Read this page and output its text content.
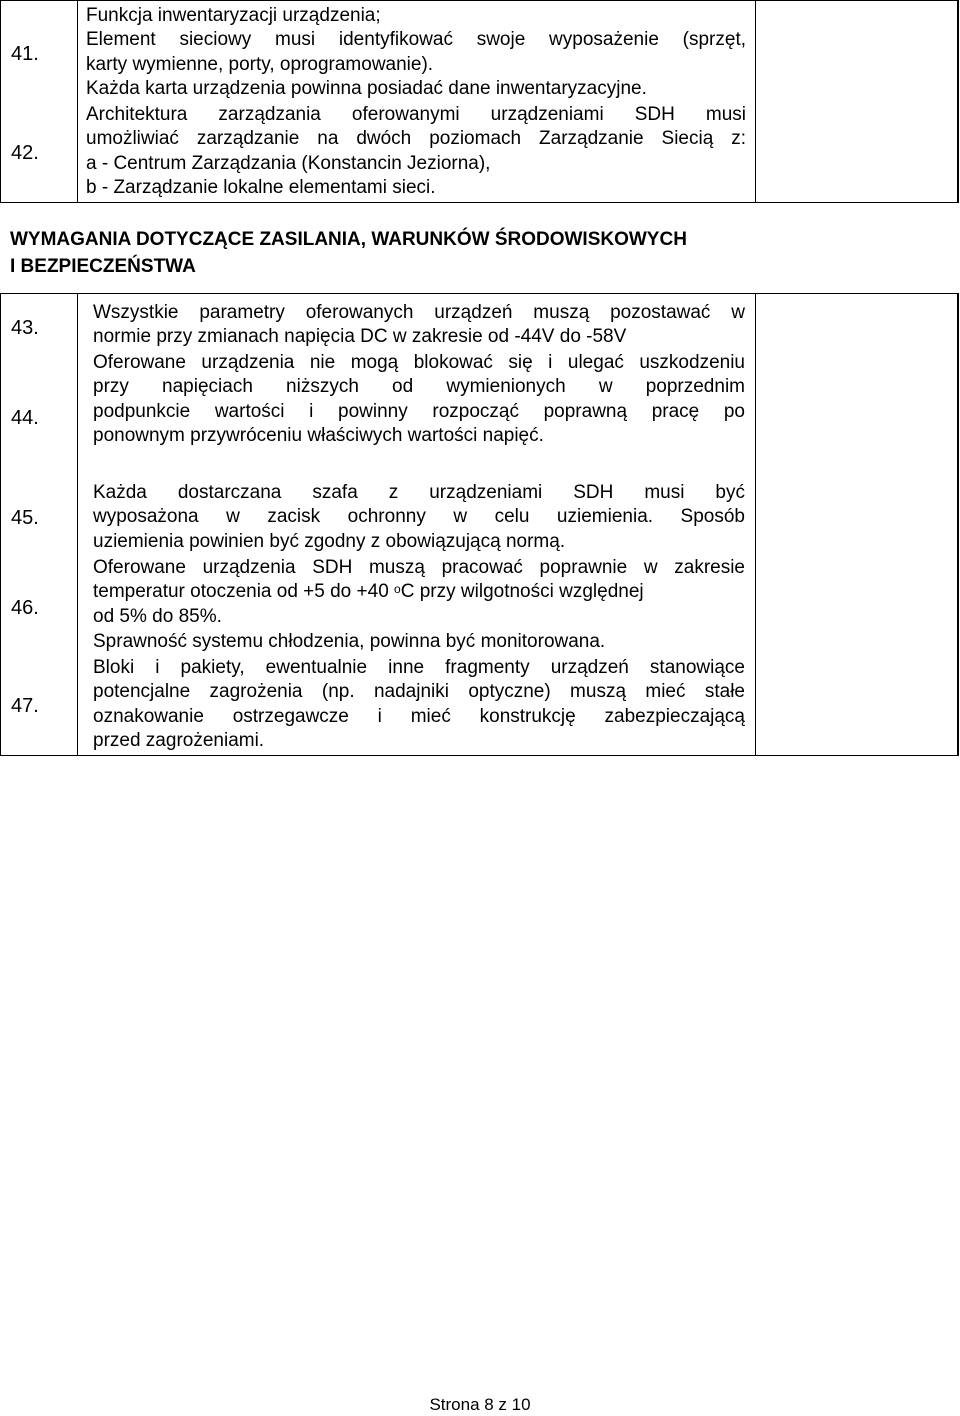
41.
42.
Funkcja inwentaryzacji urządzenia;
Element sieciowy musi identyfikować swoje wyposażenie (sprzęt,
karty wymienne, porty, oprogramowanie).
Każda karta urządzenia powinna posiadać dane inwentaryzacyjne.
Architektura zarządzania oferowanymi urządzeniami SDH musi
umożliwiać zarządzanie na dwóch poziomach Zarządzanie Siecią z:
a - Centrum Zarządzania (Konstancin Jeziorna),
b - Zarządzanie lokalne elementami sieci.
WYMAGANIA DOTYCZĄCE ZASILANIA, WARUNKÓW ŚRODOWISKOWYCH
I BEZPIECZEŃSTWA
43.
44.
45.
46.
47.
Wszystkie parametry oferowanych urządzeń muszą pozostawać w
normie przy zmianach napięcia DC w zakresie od -44V do -58V
Oferowane urządzenia nie mogą blokować się i ulegać uszkodzeniu
przy napięciach niższych od wymienionych w poprzednim
podpunkcie wartości i powinny rozpocząć poprawną pracę po
ponownym przywróceniu właściwych wartości napięć.
Każda dostarczana szafa z urządzeniami SDH musi być
wyposażona w zacisk ochronny w celu uziemienia. Sposób
uziemienia powinien być zgodny z obowiązującą normą.
Oferowane urządzenia SDH muszą pracować poprawnie w zakresie
temperatur otoczenia od +5 do +40 $^o$C przy wilgotności względnej
od 5% do 85%.
Sprawność systemu chłodzenia, powinna być monitorowana.
Bloki i pakiety, ewentualnie inne fragmenty urządzeń stanowiące
potencjalne zagrożenia (np. nadajniki optyczne) muszą mieć stałe
oznakowanie ostrzegawcze i mieć konstrukcję zabezpieczającą
przed zagrożeniami.
Strona 8 z 10
